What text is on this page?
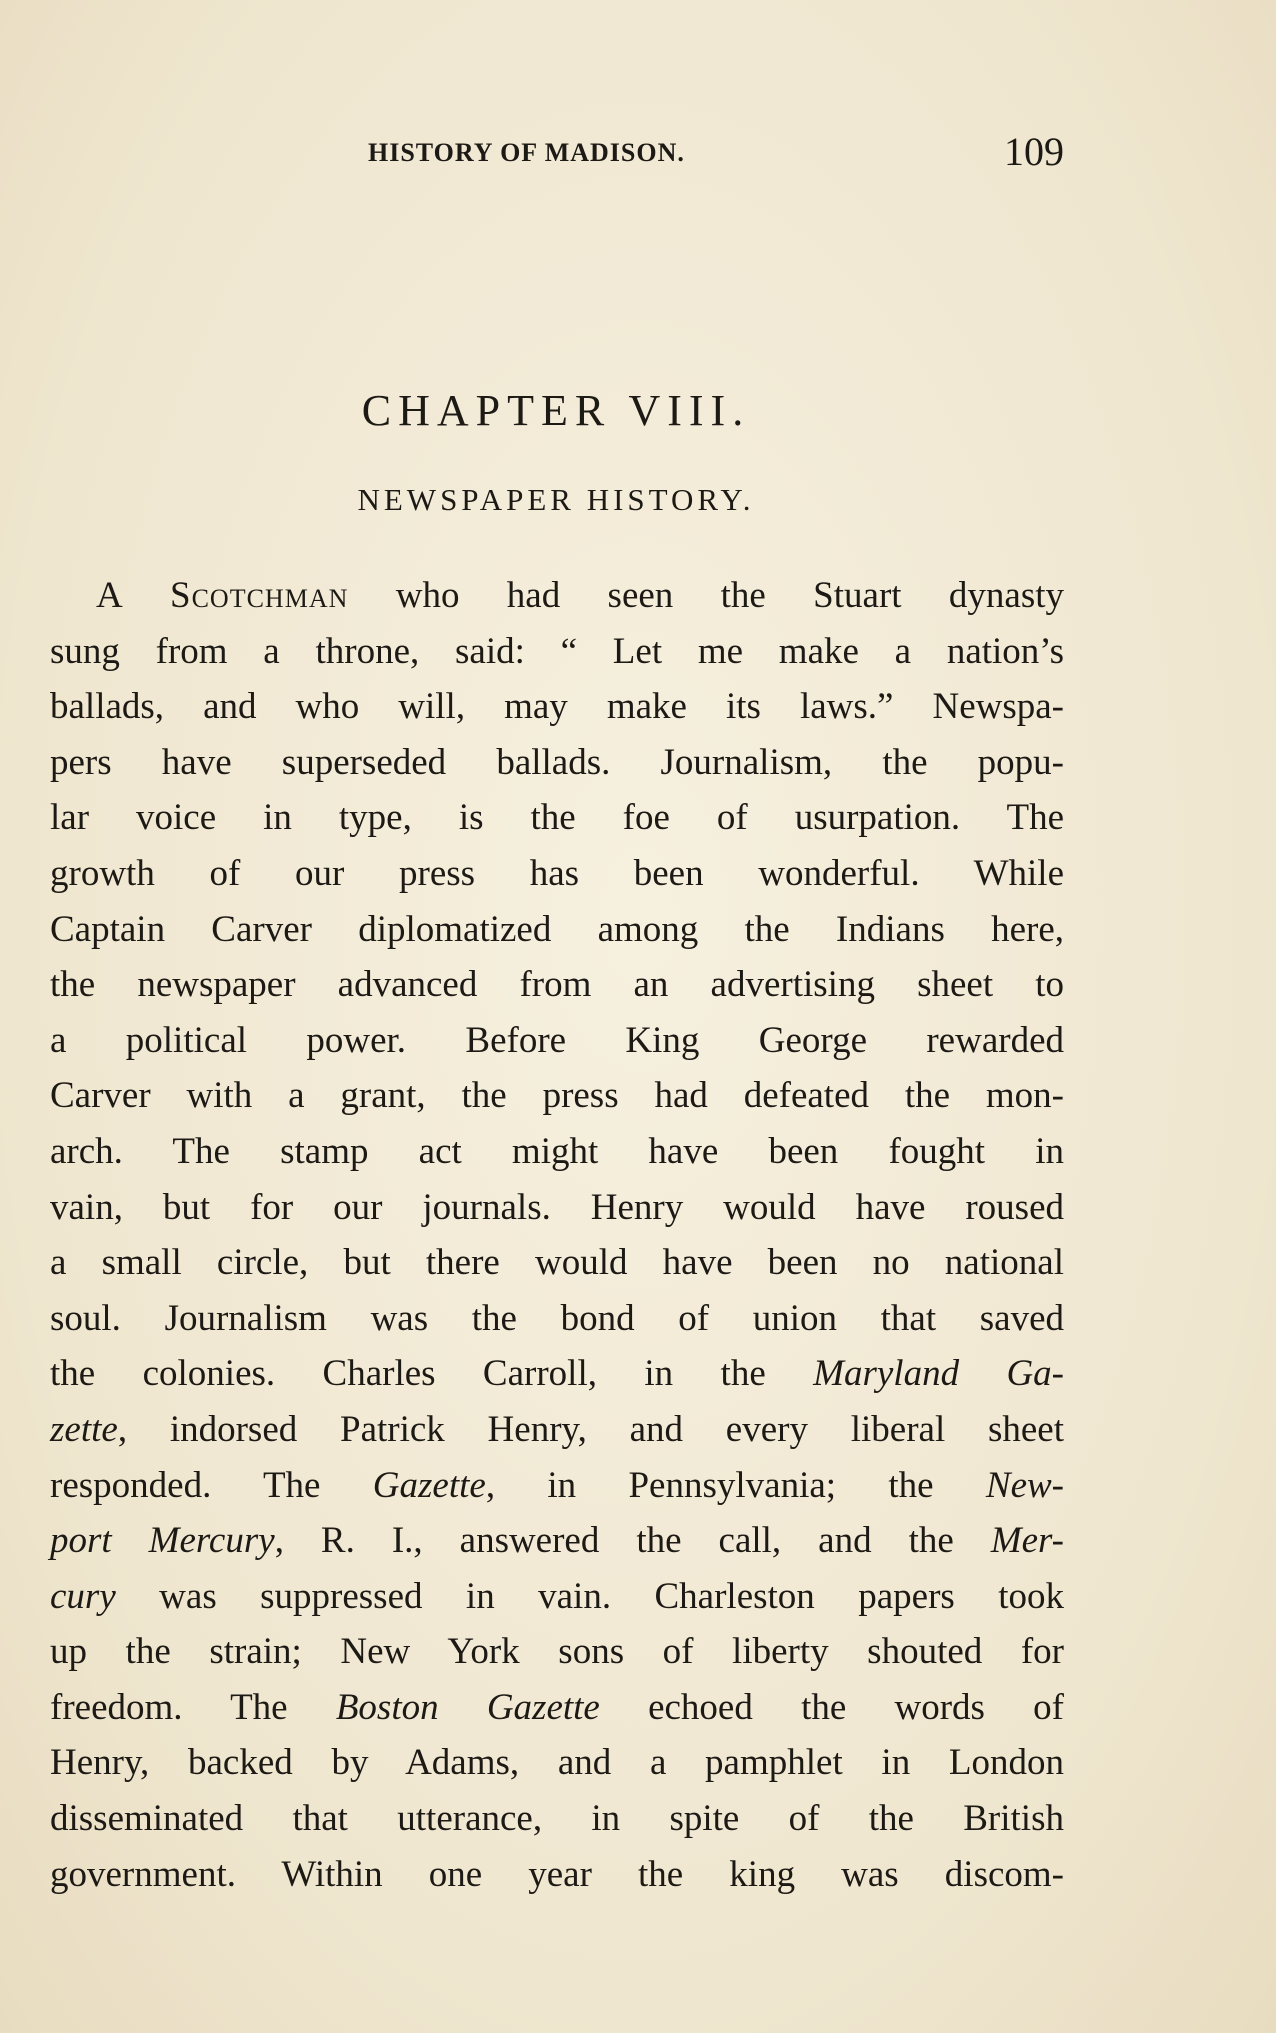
HISTORY OF MADISON.	109
CHAPTER VIII.
NEWSPAPER HISTORY.
A Scotchman who had seen the Stuart dynasty
sung from a throne, said: “ Let me make a nation’s
ballads, and who will, may make its laws.” Newspa-
pers have superseded ballads. Journalism, the popu-
lar voice in type, is the foe of usurpation. The
growth of our press has been wonderful. While
Captain Carver diplomatized among the Indians here,
the newspaper advanced from an advertising sheet to
a political power. Before King George rewarded
Carver with a grant, the press had defeated the mon-
arch. The stamp act might have been fought in
vain, but for our journals. Henry would have roused
a small circle, but there would have been no national
soul. Journalism was the bond of union that saved
the colonies. Charles Carroll, in the Maryland Ga-
zette, indorsed Patrick Henry, and every liberal sheet
responded. The Gazette, in Pennsylvania; the New-
port Mercury, R. I., answered the call, and the Mer-
cury was suppressed in vain. Charleston papers took
up the strain; New York sons of liberty shouted for
freedom. The Boston Gazette echoed the words of
Henry, backed by Adams, and a pamphlet in London
disseminated that utterance, in spite of the British
government. Within one year the king was discom-
